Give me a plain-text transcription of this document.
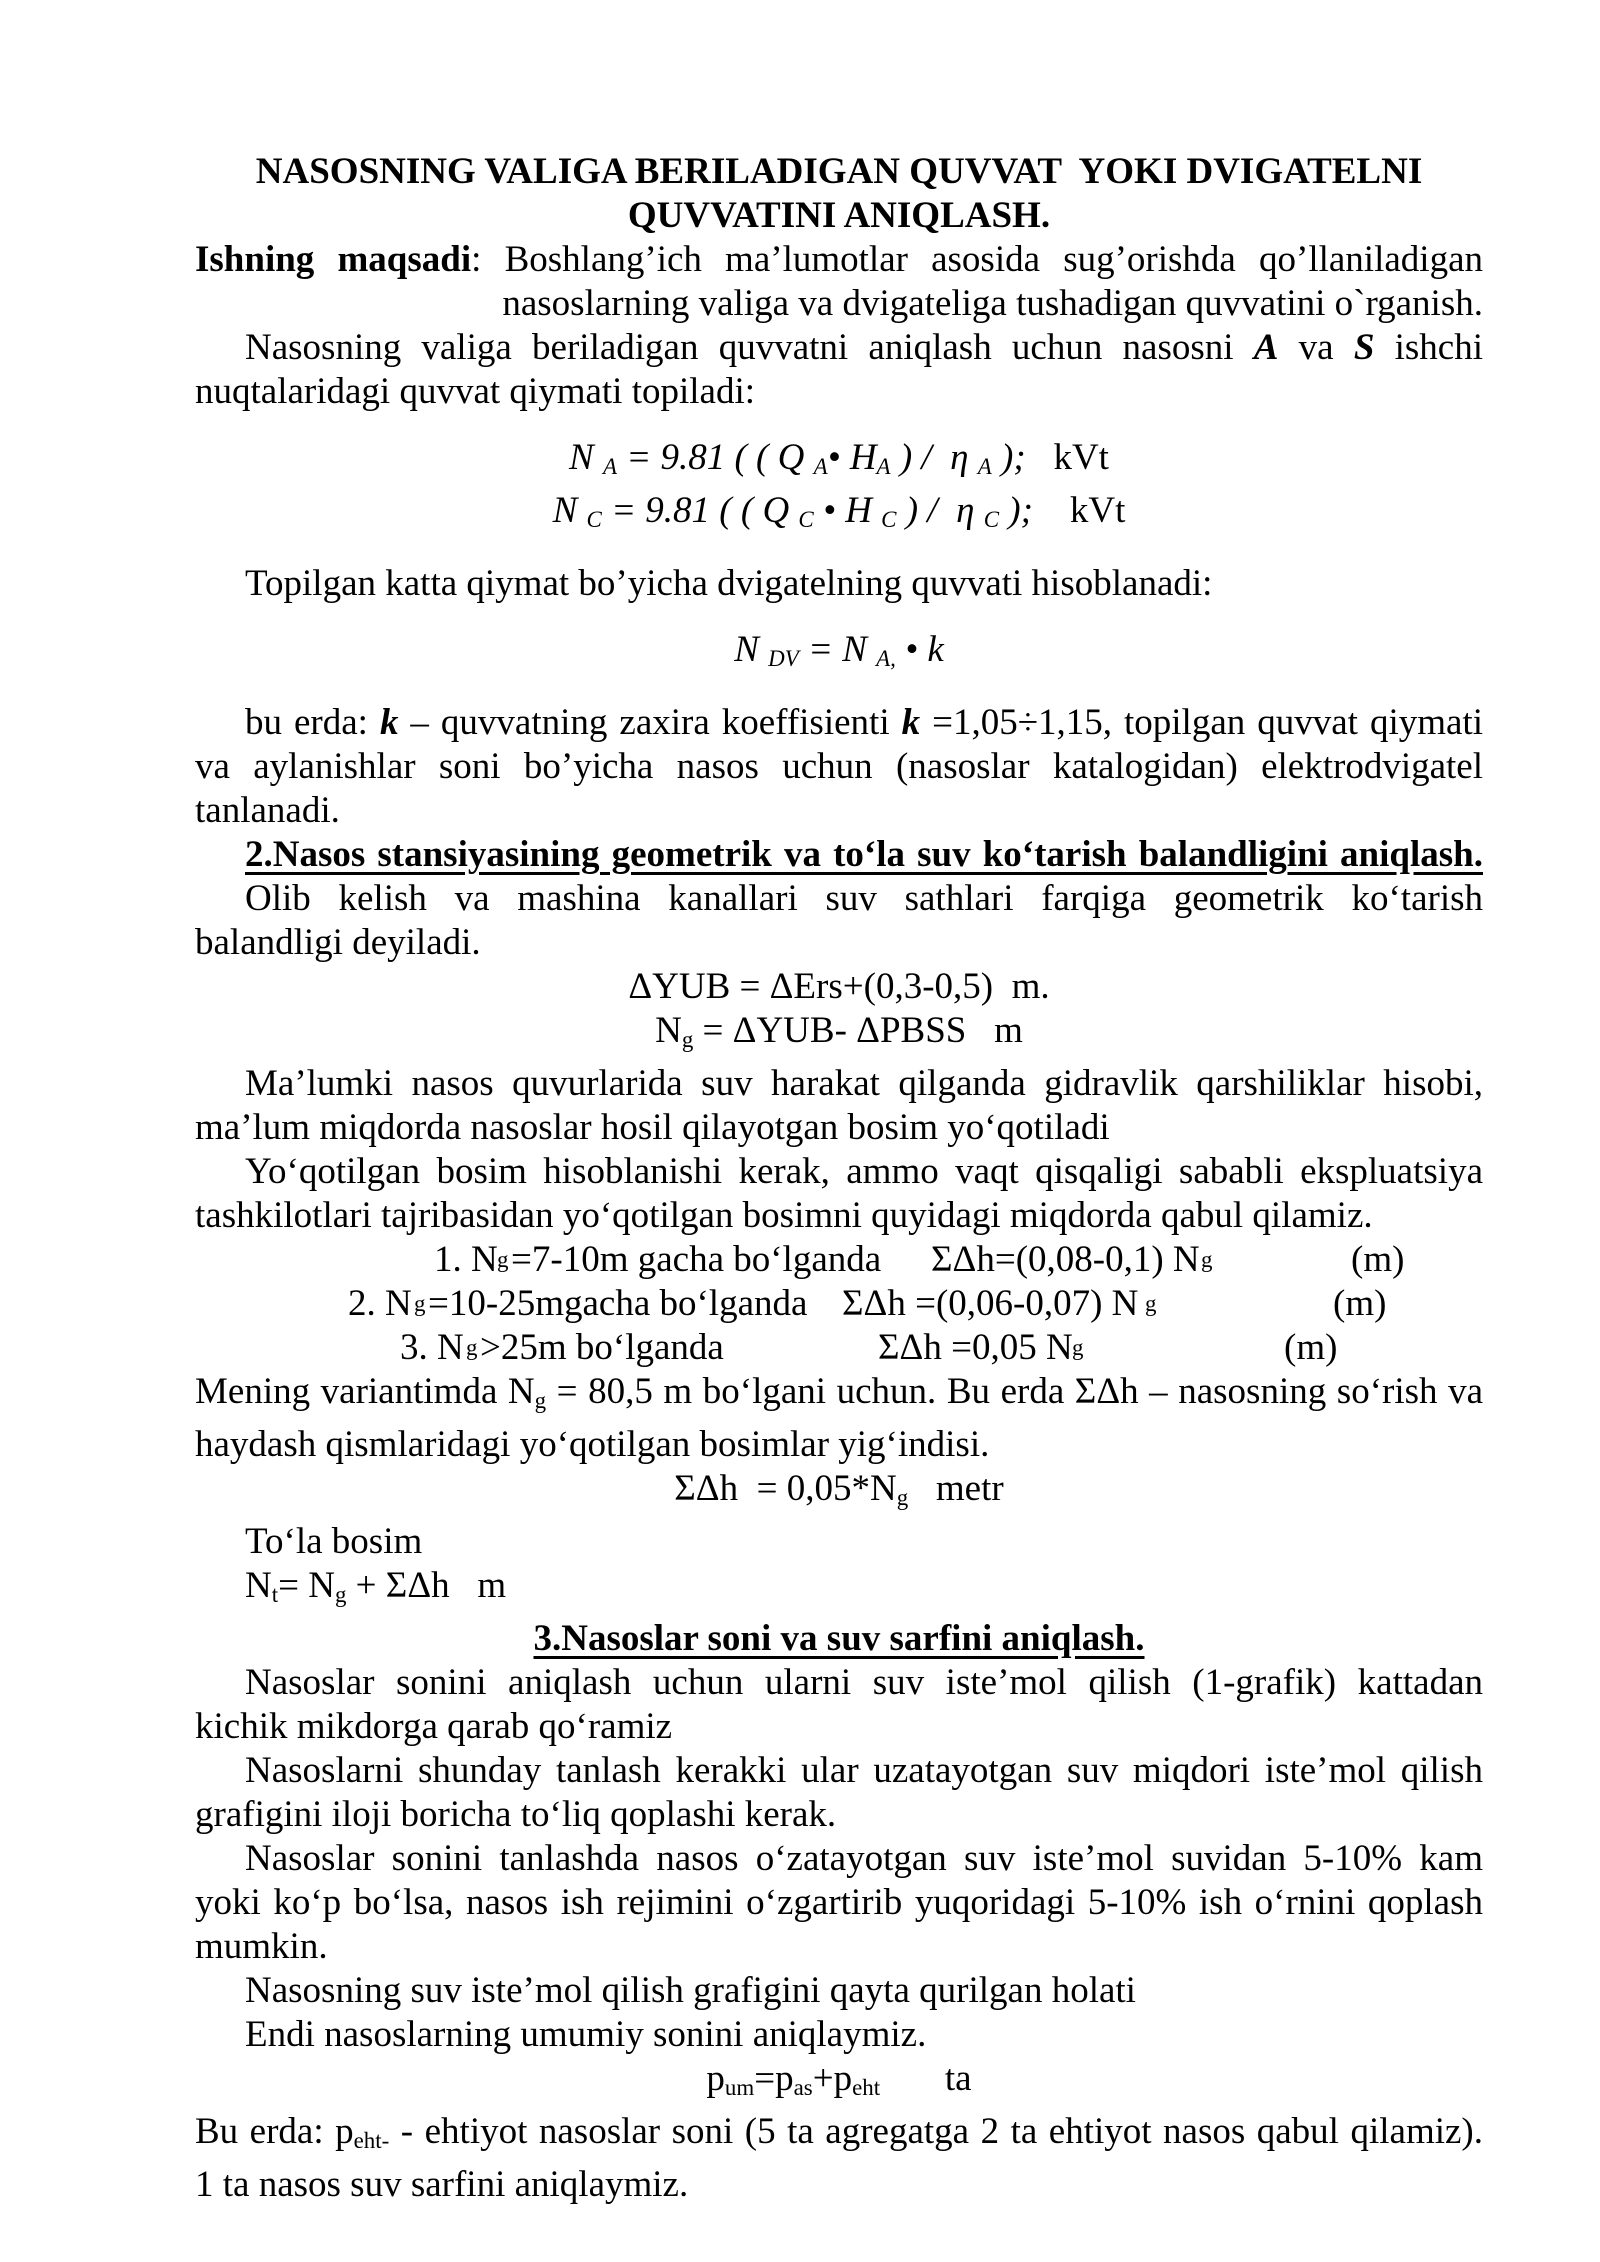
NASOSNING VALIGA BERILADIGAN QUVVAT  YOKI DVIGATELNI
QUVVATINI ANIQLASH.
Ishning maqsadi: Boshlang’ich ma’lumotlar asosida sug’orishda qo’llaniladigan
nasoslarning valiga va dvigateliga tushadigan quvvatini o`rganish.
Nasosning valiga beriladigan quvvatni aniqlash uchun nasosni A va S ishchi
nuqtalaridagi quvvat qiymati topiladi:
N A = 9.81 ( ( Q A• HA ) /  η A );   kVt
N C = 9.81 ( ( Q C • H C ) /  η C );    kVt
Topilgan katta qiymat bo’yicha dvigatelning quvvati hisoblanadi:
N DV = N A, • k
bu erda: k – quvvatning zaxira koeffisienti k =1,05÷1,15, topilgan quvvat qiymati
va aylanishlar soni bo’yicha nasos uchun (nasoslar katalogidan) elektrodvigatel
tanlanadi.
2.Nasos stansiyasining geometrik va to‘la suv ko‘tarish balandligini aniqlash.
Olib kelish va mashina kanallari suv sathlari farqiga geometrik ko‘tarish
balandligi deyiladi.
ΔYUB = ΔErs+(0,3-0,5)  m.
$N_g = \Delta YUB-$ ΔPBSS   m
Ma’lumki nasos quvurlarida suv harakat qilganda gidravlik qarshiliklar hisobi,
ma’lum miqdorda nasoslar hosil qilayotgan bosim yo‘qotiladi
Yo‘qotilgan bosim hisoblanishi kerak, ammo vaqt qisqaligi sababli ekspluatsiya
tashkilotlari tajribasidan yo‘qotilgan bosimni quyidagi miqdorda qabul qilamiz.
1. N g =7-10m gacha bo‘lganda ΣΔh=(0,08-0,1) N g	(m)
2. N g =10-25mgacha bo‘lganda ΣΔh =(0,06-0,07) N g	(m)
3. N g >25m bo‘lganda	ΣΔh =0,05 N g	(m)
Mening variantimda $N_g = 80,5$ m bo‘lgani uchun. Bu erda ΣΔh – nasosning so‘rish va
haydash qismlaridagi yo‘qotilgan bosimlar yig‘indisi.
$\Sigma\Delta h = 0,05*N_g$   metr
To‘la bosim
$N_t= N_g + \Sigma\Delta h$   m
3.Nasoslar soni va suv sarfini aniqlash.
Nasoslar sonini aniqlash uchun ularni suv iste’mol qilish (1-grafik) kattadan
kichik mikdorga qarab qo‘ramiz
Nasoslarni shunday tanlash kerakki ular uzatayotgan suv miqdori iste’mol qilish
grafigini iloji boricha to‘liq qoplashi kerak.
Nasoslar sonini tanlashda nasos o‘zatayotgan suv iste’mol suvidan 5-10% kam
yoki ko‘p bo‘lsa, nasos ish rejimini o‘zgartirib yuqoridagi 5-10% ish o‘rnini qoplash
mumkin.
Nasosning suv iste’mol qilish grafigini qayta qurilgan holati
Endi nasoslarning umumiy sonini aniqlaymiz.
$p_{um}=p_{as}+p_{eht}$       ta
Bu erda: $p_{eht-}$ - ehtiyot nasoslar soni (5 ta agregatga 2 ta ehtiyot nasos qabul qilamiz).
1 ta nasos suv sarfini aniqlaymiz.
